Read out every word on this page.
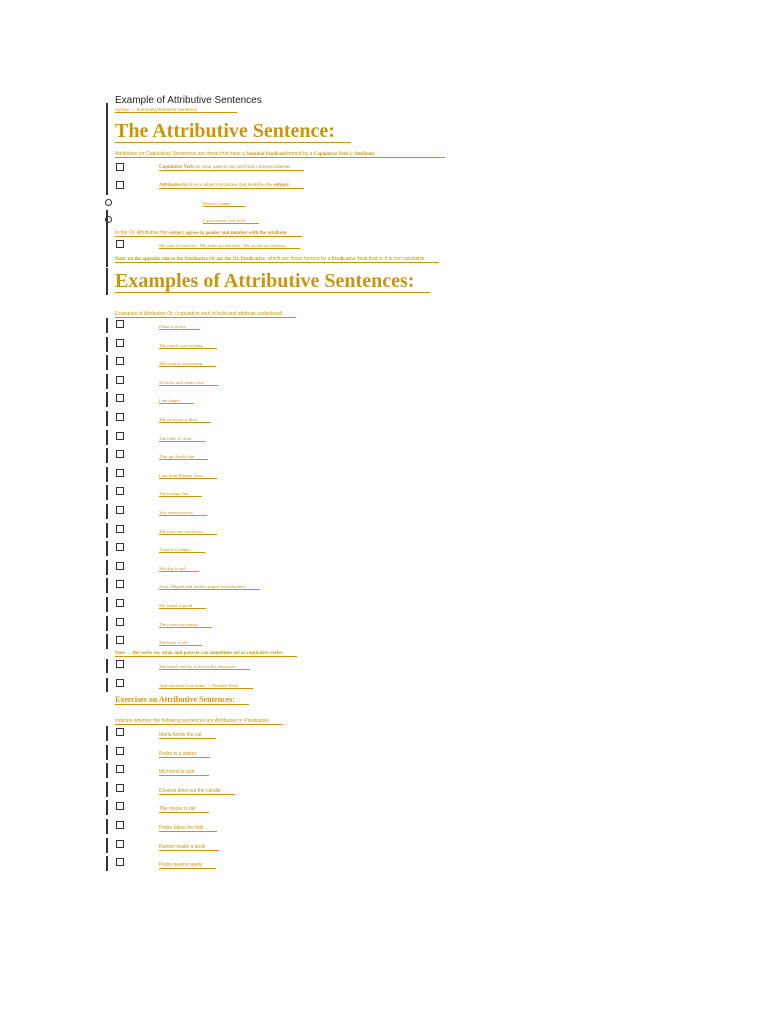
Example of Attributive Sentences
Syntax → SummaryAttributive Sentence
The Attributive Sentence:
Attributive (or Copulative) Sentences are those that have a Nominal Predicateformed by a Copulative Verb y Attribute:
Copulative Verb ser estar parecer sus perífrasis correspondientes
Attributeadjective or adjectival phrase that modifies the subject.
Maria is happy
Lucas seems very tired
In the Or. Attributive the subject agrees in gender and number with the attribute.
My aunt is a teacher / My aunts are teachers / My uncles are teachers
Note: on the opposite side to the Attributive Or are the Or. Predicative, which are those formed by a Predicative Verb that is, it is not copulative
Examples of Attributive Sentences:
Examples of Attributive Or. (copulative verb in bold and attribute underlined)
Elena is pretty
The match was exciting
The work is exhausting
What he said seems true
I am happy
The furniture is dirty
The table is clean
That girl looks thin
I am from Buenos Aires
The boring chat
You seem nervous
The tests are conclusive
Arnaldo is happy
My dog is sad
Jesus, Miguel and Andrés appear overwhelmed
My friend is good
The room was messy
The book is old
Note → the verbs ser, estar, and parecer can sometimes act as copulative verbs:
The match will be at five in the afternoon.
Juan returned from home → Perdone Pérez
Exercises on Attributive Sentences:
Indicate whether the following sentences are Attributive or Predicative
Maria feeds the cat
Pedro is a waiter
My friend is sick
Dolores blew out the candle
The house is tall
Pedro takes the ball
Ramon reads a book
Pedro seems ready
